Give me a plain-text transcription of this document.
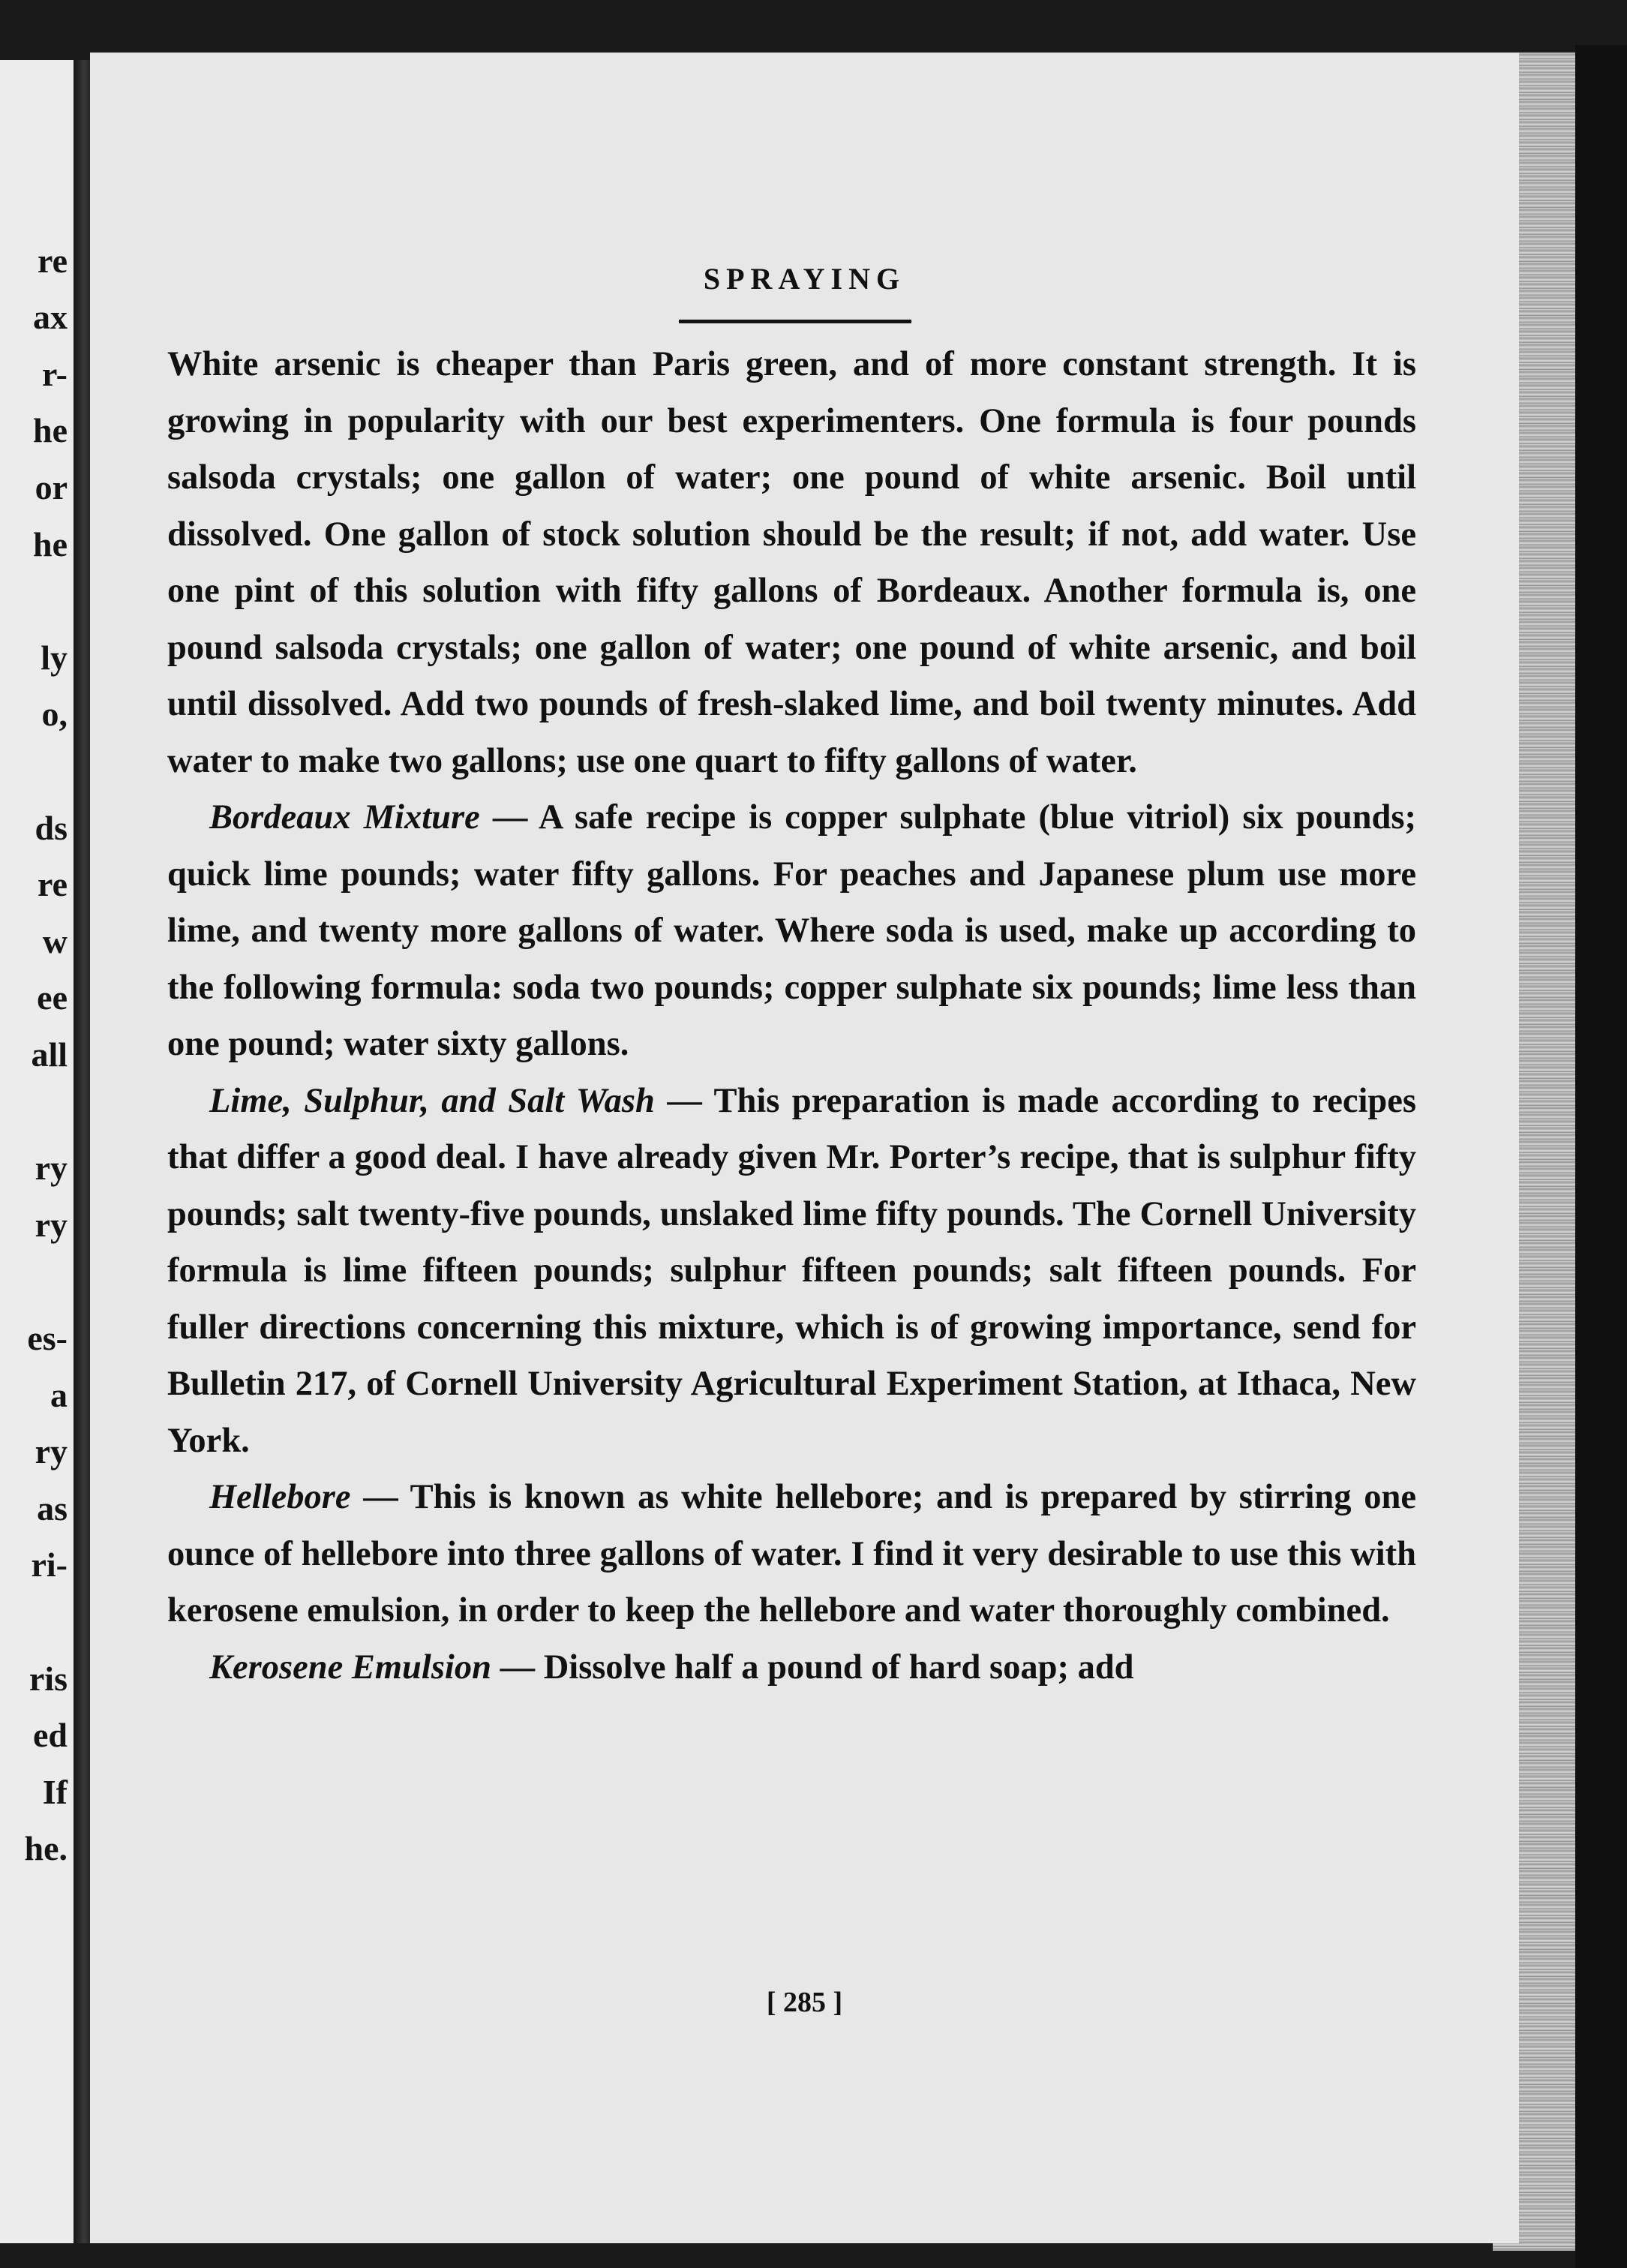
re
ax
r-
he
or
he
ly
o,
ds
re
w
ee
all
ry
ry
es-
a
ry
as
ri-
ris
ed
If
he.
SPRAYING

White arsenic is cheaper than Paris green, and of more constant strength. It is growing in popularity with our best experimenters. One formula is four pounds salsoda crystals; one gallon of water; one pound of white arsenic. Boil until dissolved. One gallon of stock solution should be the result; if not, add water. Use one pint of this solution with fifty gallons of Bordeaux. Another formula is, one pound salsoda crystals; one gallon of water; one pound of white arsenic, and boil until dissolved. Add two pounds of fresh-slaked lime, and boil twenty minutes. Add water to make two gallons; use one quart to fifty gallons of water.

Bordeaux Mixture — A safe recipe is copper sulphate (blue vitriol) six pounds; quick lime pounds; water fifty gallons. For peaches and Japanese plum use more lime, and twenty more gallons of water. Where soda is used, make up according to the following formula: soda two pounds; copper sulphate six pounds; lime less than one pound; water sixty gallons.

Lime, Sulphur, and Salt Wash — This preparation is made according to recipes that differ a good deal. I have already given Mr. Porter’s recipe, that is sulphur fifty pounds; salt twenty-five pounds, unslaked lime fifty pounds. The Cornell University formula is lime fifteen pounds; sulphur fifteen pounds; salt fifteen pounds. For fuller directions concerning this mixture, which is of growing importance, send for Bulletin 217, of Cornell University Agricultural Experiment Station, at Ithaca, New York.

Hellebore — This is known as white hellebore; and is prepared by stirring one ounce of hellebore into three gallons of water. I find it very desirable to use this with kerosene emulsion, in order to keep the hellebore and water thoroughly combined.

Kerosene Emulsion — Dissolve half a pound of hard soap; add

[ 285 ]
